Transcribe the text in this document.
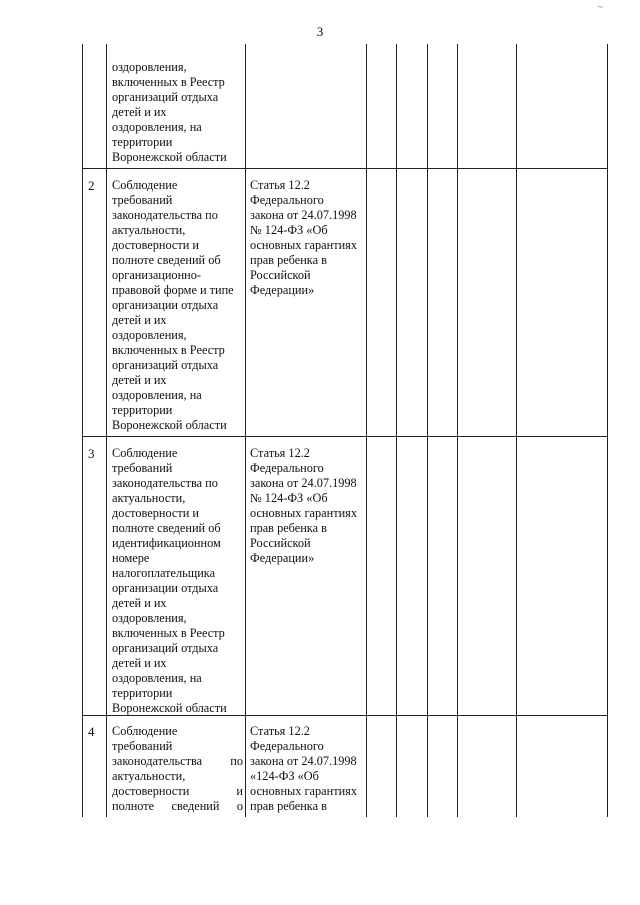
~
3
оздоровления,
включенных в Реестр
организаций отдыха
детей и их
оздоровления, на
территории
Воронежской области
2 Соблюдение
требований
законодательства по
актуальности,
достоверности и
полноте сведений об
организационно-
правовой форме и типе
организации отдыха
детей и их
оздоровления,
включенных в Реестр
организаций отдыха
детей и их
оздоровления, на
территории
Воронежской области
Статья 12.2
Федерального
закона от 24.07.1998
№ 124-ФЗ «Об
основных гарантиях
прав ребенка в
Российской
Федерации»
3 Соблюдение
требований
законодательства по
актуальности,
достоверности и
полноте сведений об
идентификационном
номере
налогоплательщика
организации отдыха
детей и их
оздоровления,
включенных в Реестр
организаций отдыха
детей и их
оздоровления, на
территории
Воронежской области
Статья 12.2
Федерального
закона от 24.07.1998
№ 124-ФЗ «Об
основных гарантиях
прав ребенка в
Российской
Федерации»
4 Соблюдение
требований
законодательства по
актуальности,
достоверности и
полноте сведений о
Статья 12.2
Федерального
закона от 24.07.1998
«124-ФЗ «Об
основных гарантиях
прав ребенка в
